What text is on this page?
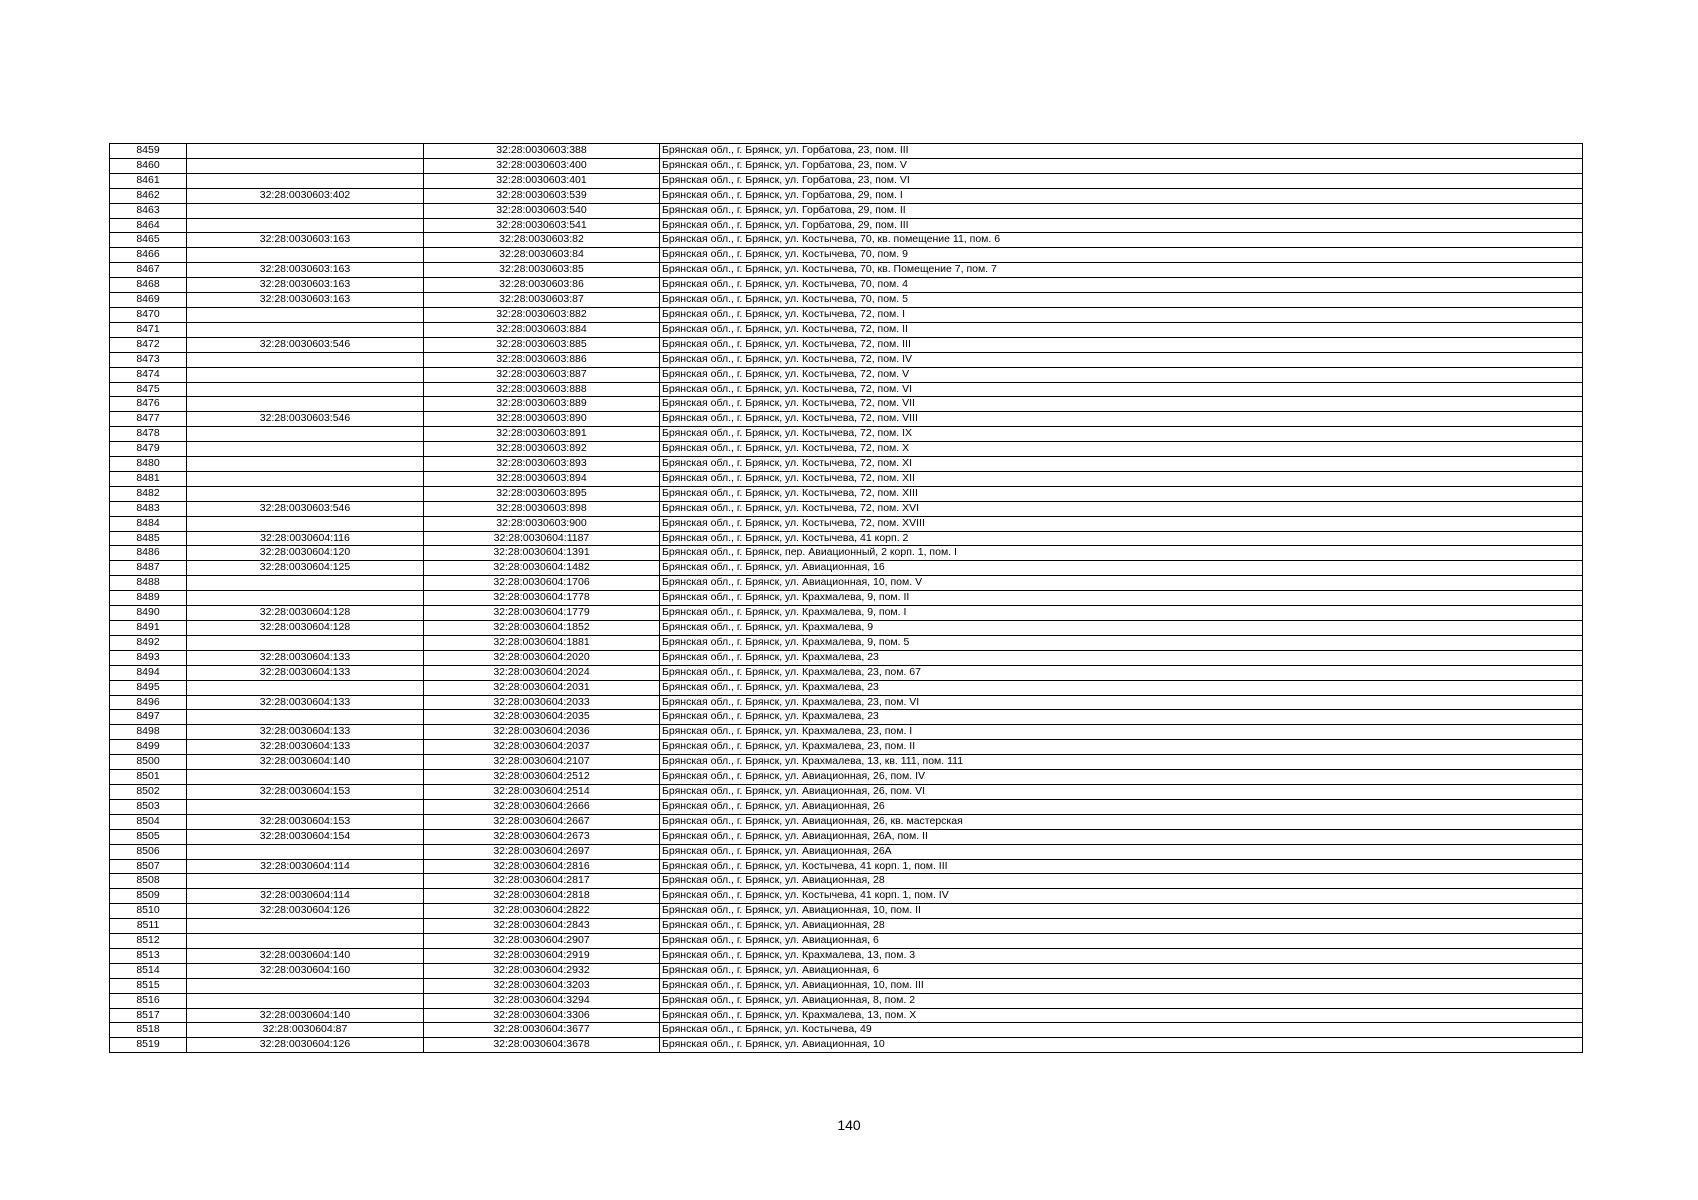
8459		32:28:0030603:388	Брянская обл., г. Брянск, ул. Горбатова, 23, пом. III
8460		32:28:0030603:400	Брянская обл., г. Брянск, ул. Горбатова, 23, пом. V
8461		32:28:0030603:401	Брянская обл., г. Брянск, ул. Горбатова, 23, пом. VI
8462	32:28:0030603:402	32:28:0030603:539	Брянская обл., г. Брянск, ул. Горбатова, 29, пом. I
8463		32:28:0030603:540	Брянская обл., г. Брянск, ул. Горбатова, 29, пом. II
8464		32:28:0030603:541	Брянская обл., г. Брянск, ул. Горбатова, 29, пом. III
8465	32:28:0030603:163	32:28:0030603:82	Брянская обл., г. Брянск, ул. Костычева, 70, кв. помещение 11, пом. 6
8466		32:28:0030603:84	Брянская обл., г. Брянск, ул. Костычева, 70, пом. 9
8467	32:28:0030603:163	32:28:0030603:85	Брянская обл., г. Брянск, ул. Костычева, 70, кв. Помещение 7, пом. 7
8468	32:28:0030603:163	32:28:0030603:86	Брянская обл., г. Брянск, ул. Костычева, 70, пом. 4
8469	32:28:0030603:163	32:28:0030603:87	Брянская обл., г. Брянск, ул. Костычева, 70, пом. 5
8470		32:28:0030603:882	Брянская обл., г. Брянск, ул. Костычева, 72, пом. I
8471		32:28:0030603:884	Брянская обл., г. Брянск, ул. Костычева, 72, пом. II
8472	32:28:0030603:546	32:28:0030603:885	Брянская обл., г. Брянск, ул. Костычева, 72, пом. III
8473		32:28:0030603:886	Брянская обл., г. Брянск, ул. Костычева, 72, пом. IV
8474		32:28:0030603:887	Брянская обл., г. Брянск, ул. Костычева, 72, пом. V
8475		32:28:0030603:888	Брянская обл., г. Брянск, ул. Костычева, 72, пом. VI
8476		32:28:0030603:889	Брянская обл., г. Брянск, ул. Костычева, 72, пом. VII
8477	32:28:0030603:546	32:28:0030603:890	Брянская обл., г. Брянск, ул. Костычева, 72, пом. VIII
8478		32:28:0030603:891	Брянская обл., г. Брянск, ул. Костычева, 72, пом. IX
8479		32:28:0030603:892	Брянская обл., г. Брянск, ул. Костычева, 72, пом. X
8480		32:28:0030603:893	Брянская обл., г. Брянск, ул. Костычева, 72, пом. XI
8481		32:28:0030603:894	Брянская обл., г. Брянск, ул. Костычева, 72, пом. XII
8482		32:28:0030603:895	Брянская обл., г. Брянск, ул. Костычева, 72, пом. XIII
8483	32:28:0030603:546	32:28:0030603:898	Брянская обл., г. Брянск, ул. Костычева, 72, пом. XVI
8484		32:28:0030603:900	Брянская обл., г. Брянск, ул. Костычева, 72, пом. XVIII
8485	32:28:0030604:116	32:28:0030604:1187	Брянская обл., г. Брянск, ул. Костычева, 41 корп. 2
8486	32:28:0030604:120	32:28:0030604:1391	Брянская обл., г. Брянск, пер. Авиационный, 2 корп. 1, пом. I
8487	32:28:0030604:125	32:28:0030604:1482	Брянская обл., г. Брянск, ул. Авиационная, 16
8488		32:28:0030604:1706	Брянская обл., г. Брянск, ул. Авиационная, 10, пом. V
8489		32:28:0030604:1778	Брянская обл., г. Брянск, ул. Крахмалева, 9, пом. II
8490	32:28:0030604:128	32:28:0030604:1779	Брянская обл., г. Брянск, ул. Крахмалева, 9, пом. I
8491	32:28:0030604:128	32:28:0030604:1852	Брянская обл., г. Брянск, ул. Крахмалева, 9
8492		32:28:0030604:1881	Брянская обл., г. Брянск, ул. Крахмалева, 9, пом. 5
8493	32:28:0030604:133	32:28:0030604:2020	Брянская обл., г. Брянск, ул. Крахмалева, 23
8494	32:28:0030604:133	32:28:0030604:2024	Брянская обл., г. Брянск, ул. Крахмалева, 23, пом. 67
8495		32:28:0030604:2031	Брянская обл., г. Брянск, ул. Крахмалева, 23
8496	32:28:0030604:133	32:28:0030604:2033	Брянская обл., г. Брянск, ул. Крахмалева, 23, пом. VI
8497		32:28:0030604:2035	Брянская обл., г. Брянск, ул. Крахмалева, 23
8498	32:28:0030604:133	32:28:0030604:2036	Брянская обл., г. Брянск, ул. Крахмалева, 23, пом. I
8499	32:28:0030604:133	32:28:0030604:2037	Брянская обл., г. Брянск, ул. Крахмалева, 23, пом. II
8500	32:28:0030604:140	32:28:0030604:2107	Брянская обл., г. Брянск, ул. Крахмалева, 13, кв. 111, пом. 111
8501		32:28:0030604:2512	Брянская обл., г. Брянск, ул. Авиационная, 26, пом. IV
8502	32:28:0030604:153	32:28:0030604:2514	Брянская обл., г. Брянск, ул. Авиационная, 26, пом. VI
8503		32:28:0030604:2666	Брянская обл., г. Брянск, ул. Авиационная, 26
8504	32:28:0030604:153	32:28:0030604:2667	Брянская обл., г. Брянск, ул. Авиационная, 26, кв. мастерская
8505	32:28:0030604:154	32:28:0030604:2673	Брянская обл., г. Брянск, ул. Авиационная, 26А, пом. II
8506		32:28:0030604:2697	Брянская обл., г. Брянск, ул. Авиационная, 26А
8507	32:28:0030604:114	32:28:0030604:2816	Брянская обл., г. Брянск, ул. Костычева, 41 корп. 1, пом. III
8508		32:28:0030604:2817	Брянская обл., г. Брянск, ул. Авиационная, 28
8509	32:28:0030604:114	32:28:0030604:2818	Брянская обл., г. Брянск, ул. Костычева, 41 корп. 1, пом. IV
8510	32:28:0030604:126	32:28:0030604:2822	Брянская обл., г. Брянск, ул. Авиационная, 10, пом. II
8511		32:28:0030604:2843	Брянская обл., г. Брянск, ул. Авиационная, 28
8512		32:28:0030604:2907	Брянская обл., г. Брянск, ул. Авиационная, 6
8513	32:28:0030604:140	32:28:0030604:2919	Брянская обл., г. Брянск, ул. Крахмалева, 13, пом. 3
8514	32:28:0030604:160	32:28:0030604:2932	Брянская обл., г. Брянск, ул. Авиационная, 6
8515		32:28:0030604:3203	Брянская обл., г. Брянск, ул. Авиационная, 10, пом. III
8516		32:28:0030604:3294	Брянская обл., г. Брянск, ул. Авиационная, 8, пом. 2
8517	32:28:0030604:140	32:28:0030604:3306	Брянская обл., г. Брянск, ул. Крахмалева, 13, пом. X
8518	32:28:0030604:87	32:28:0030604:3677	Брянская обл., г. Брянск, ул. Костычева, 49
8519	32:28:0030604:126	32:28:0030604:3678	Брянская обл., г. Брянск, ул. Авиационная, 10
140
